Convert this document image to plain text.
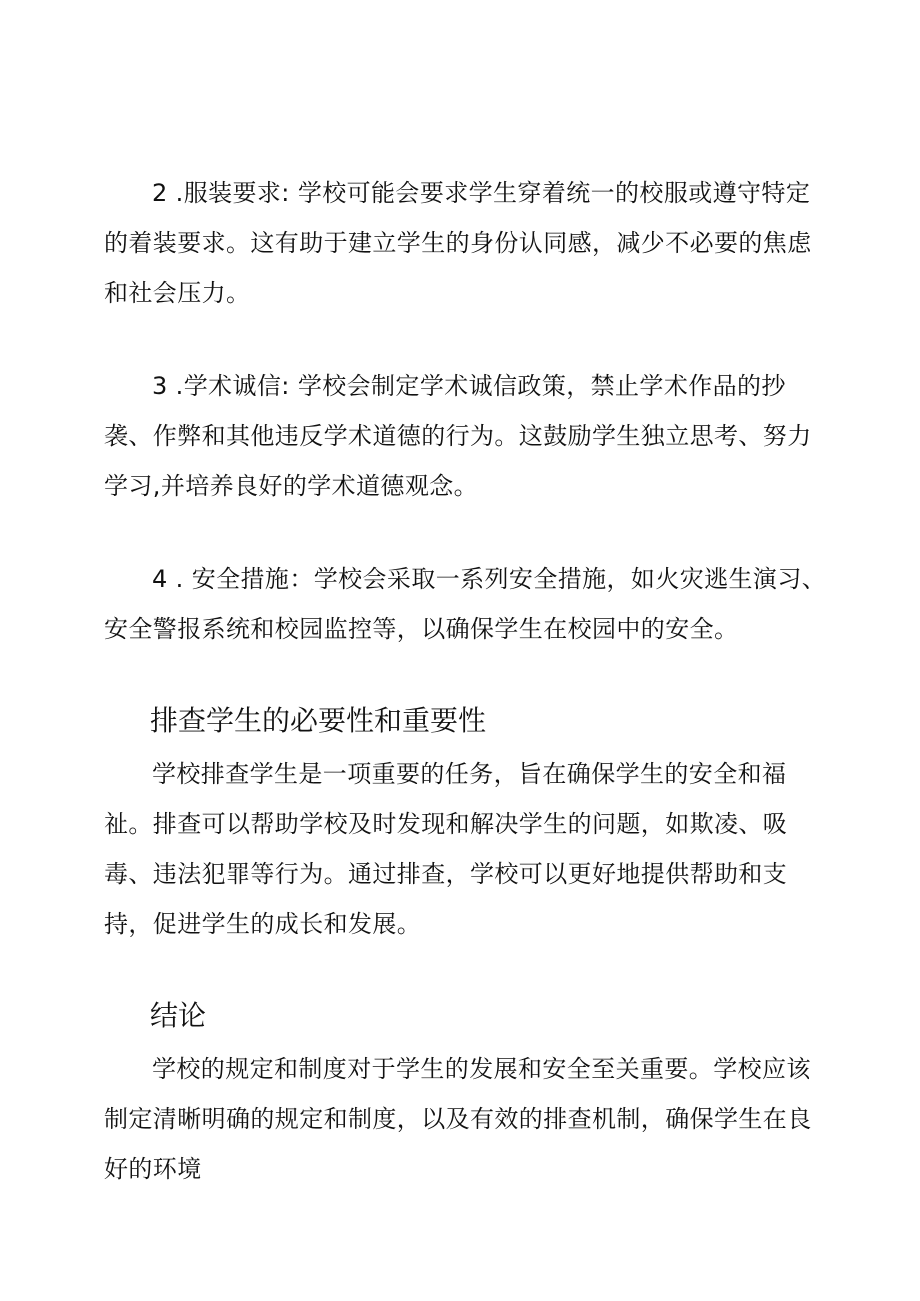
2 .服装要求: 学校可能会要求学生穿着统一的校服或遵守特定的着装要求。这有助于建立学生的身份认同感，减少不必要的焦虑和社会压力。

3 .学术诚信: 学校会制定学术诚信政策，禁止学术作品的抄袭、作弊和其他违反学术道德的行为。这鼓励学生独立思考、努力学习,并培养良好的学术道德观念。

4 . 安全措施：学校会采取一系列安全措施，如火灾逃生演习、安全警报系统和校园监控等，以确保学生在校园中的安全。

排查学生的必要性和重要性

学校排查学生是一项重要的任务，旨在确保学生的安全和福祉。排查可以帮助学校及时发现和解决学生的问题，如欺凌、吸毒、违法犯罪等行为。通过排查，学校可以更好地提供帮助和支持，促进学生的成长和发展。

结论

学校的规定和制度对于学生的发展和安全至关重要。学校应该制定清晰明确的规定和制度，以及有效的排查机制，确保学生在良好的环境
